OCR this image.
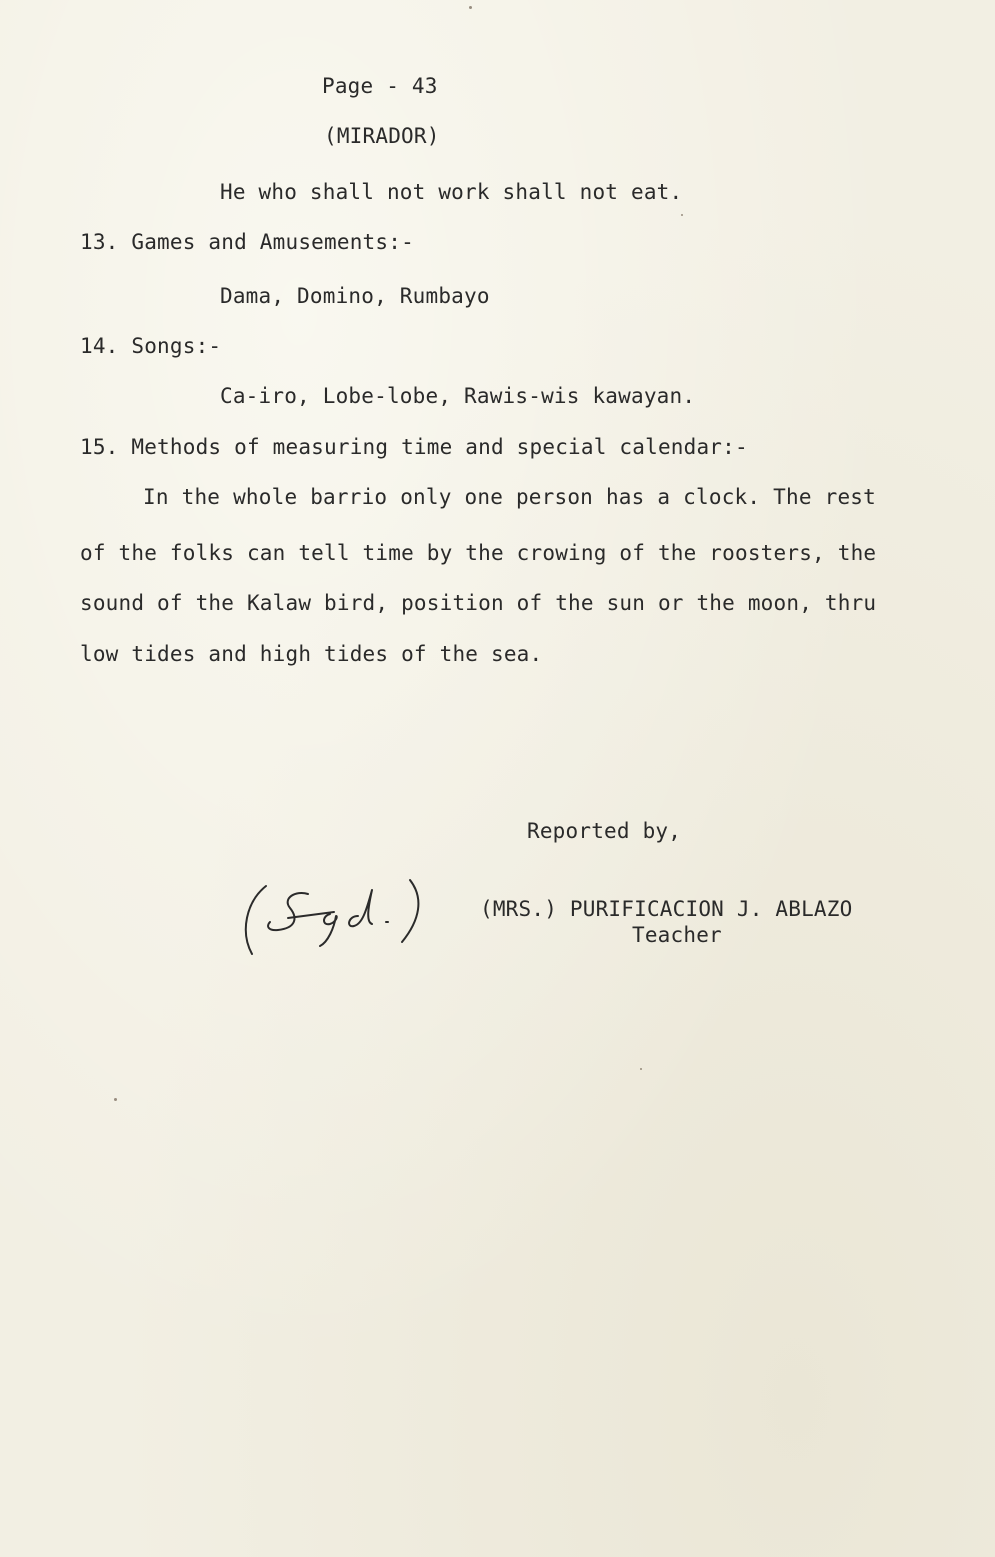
Page - 43
(MIRADOR)
He who shall not work shall not eat.
13. Games and Amusements:-
Dama, Domino, Rumbayo
14. Songs:-
Ca-iro, Lobe-lobe, Rawis-wis kawayan.
15. Methods of measuring time and special calendar:-
In the whole barrio only one person has a clock. The rest
of the folks can tell time by the crowing of the roosters, the
sound of the Kalaw bird, position of the sun or the moon, thru
low tides and high tides of the sea.
Reported by,
(MRS.) PURIFICACION J. ABLAZO
Teacher
